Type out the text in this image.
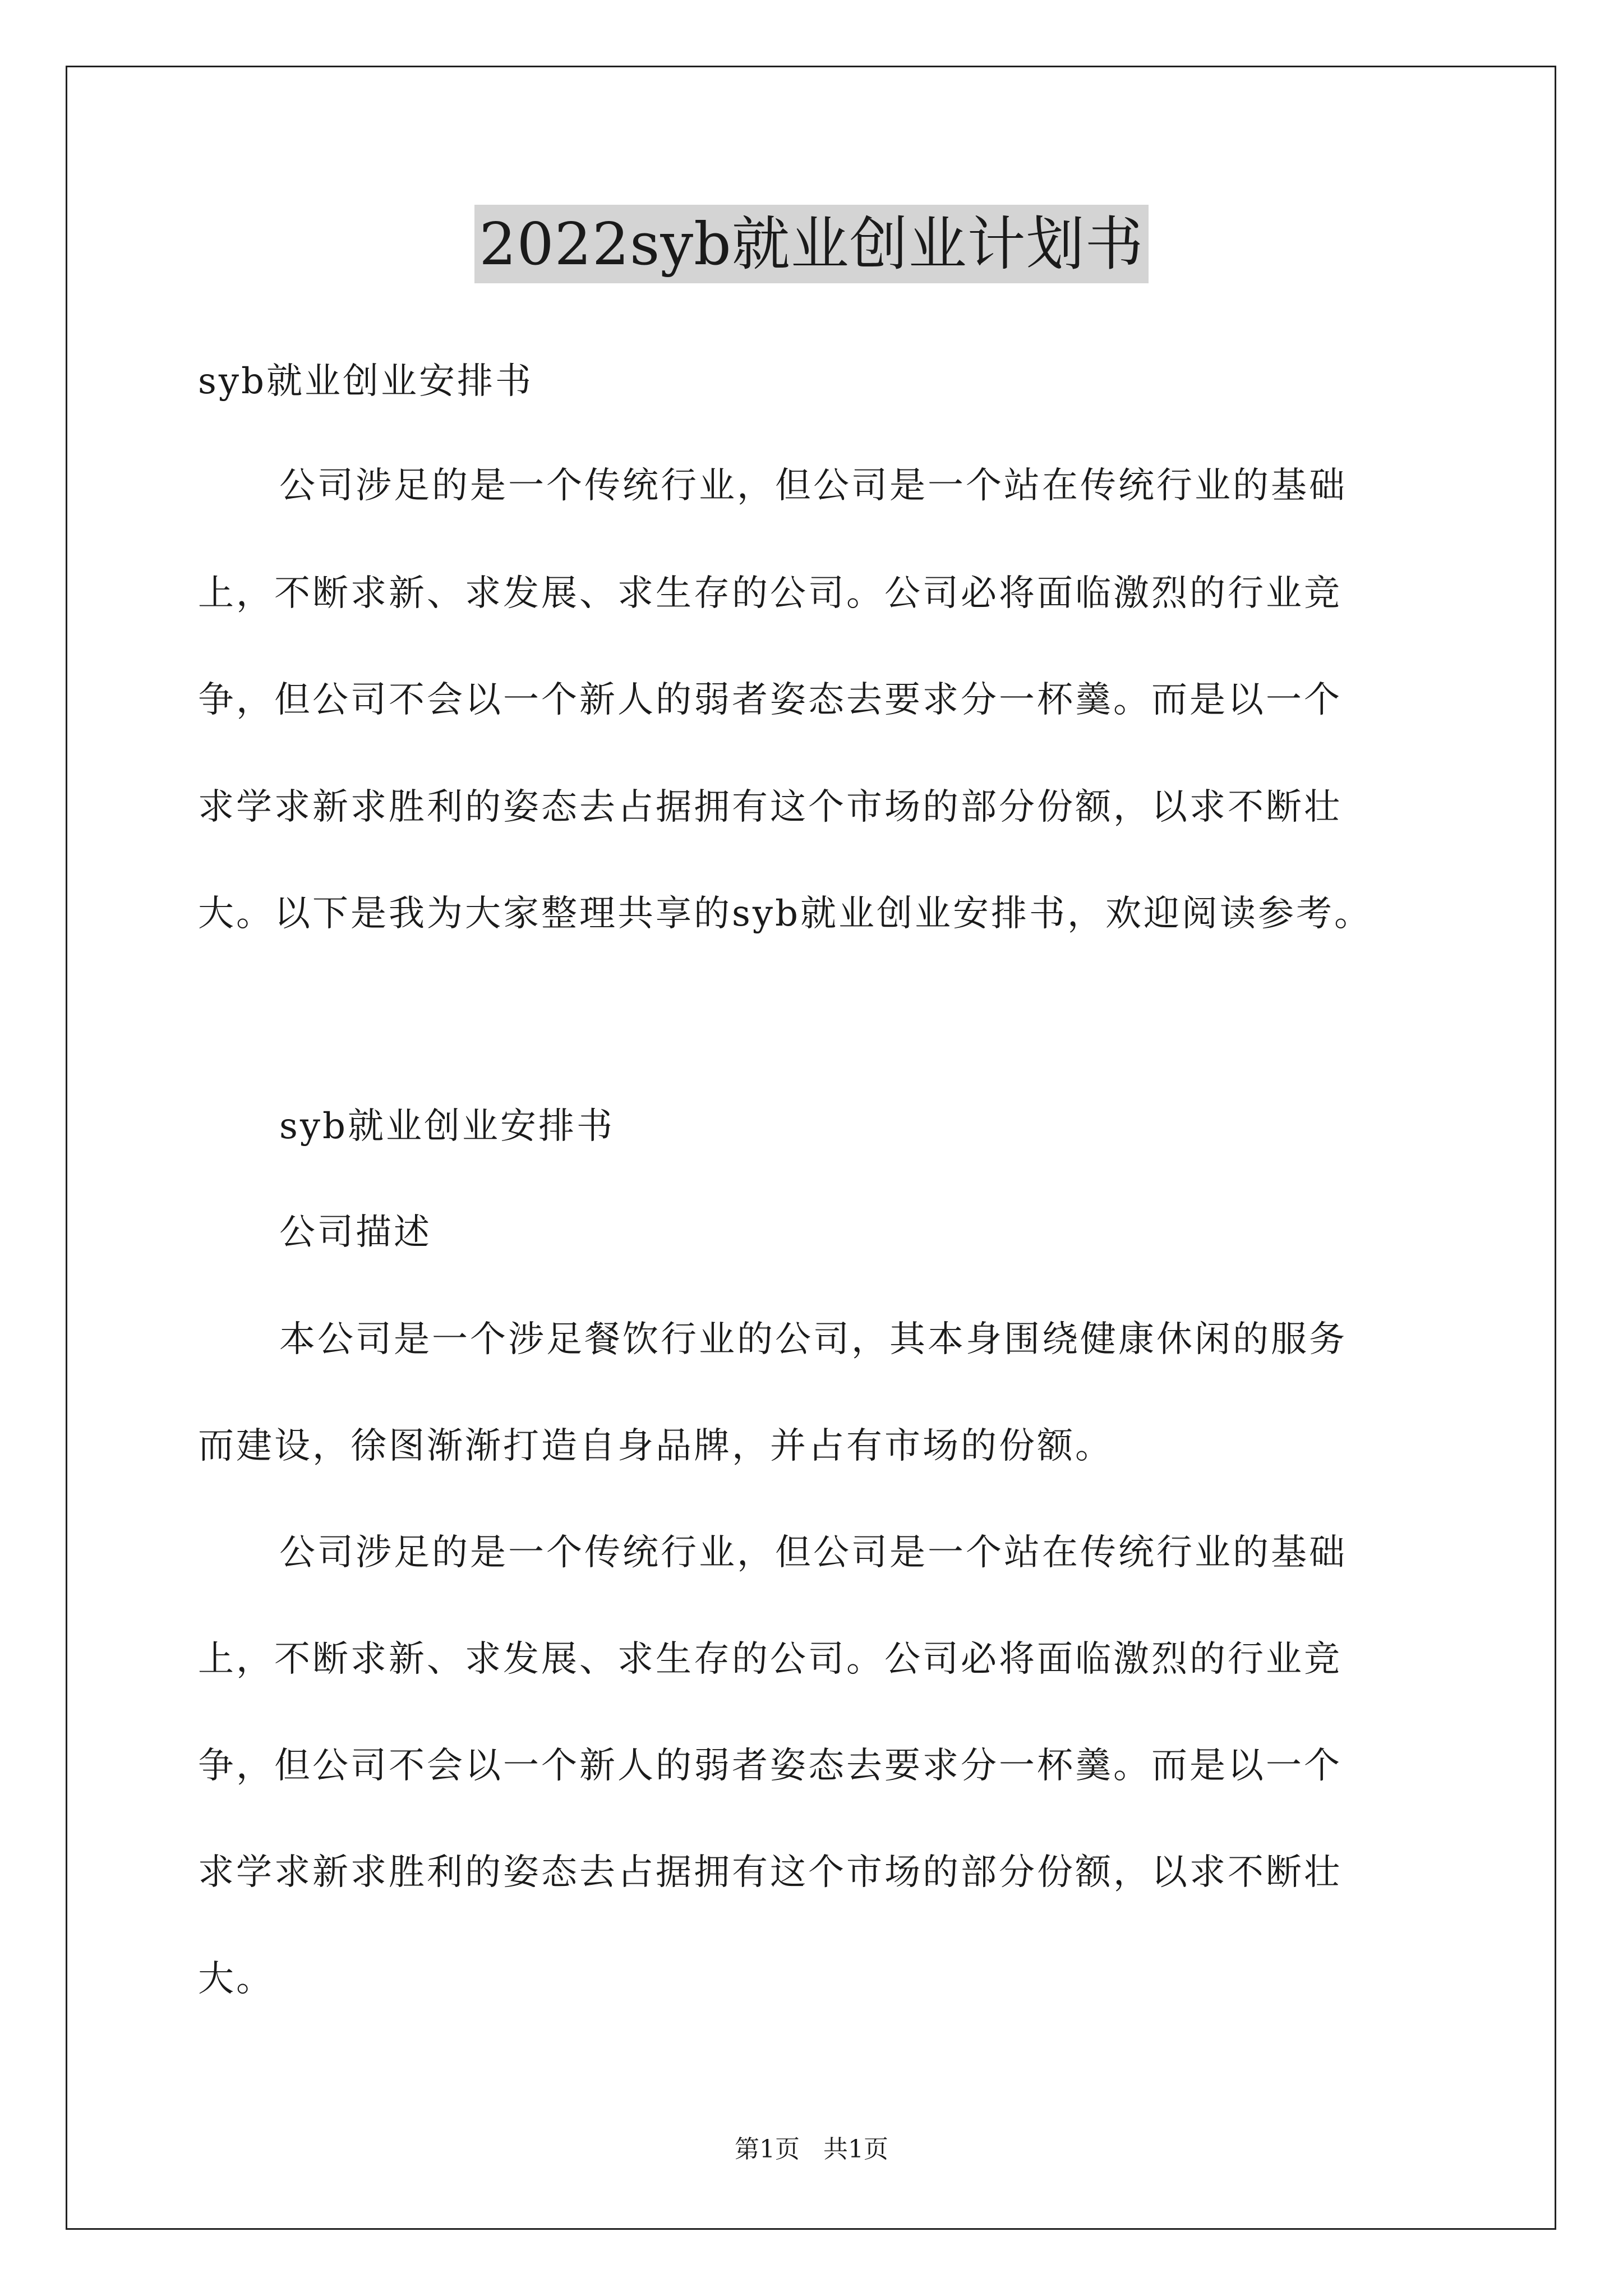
2022syb就业创业计划书
syb就业创业安排书
公司涉足的是一个传统行业，但公司是一个站在传统行业的基础
上，不断求新、求发展、求生存的公司。公司必将面临激烈的行业竞
争，但公司不会以一个新人的弱者姿态去要求分一杯羹。而是以一个
求学求新求胜利的姿态去占据拥有这个市场的部分份额，以求不断壮
大。以下是我为大家整理共享的syb就业创业安排书，欢迎阅读参考。
syb就业创业安排书
公司描述
本公司是一个涉足餐饮行业的公司，其本身围绕健康休闲的服务
而建设，徐图渐渐打造自身品牌，并占有市场的份额。
公司涉足的是一个传统行业，但公司是一个站在传统行业的基础
上，不断求新、求发展、求生存的公司。公司必将面临激烈的行业竞
争，但公司不会以一个新人的弱者姿态去要求分一杯羹。而是以一个
求学求新求胜利的姿态去占据拥有这个市场的部分份额，以求不断壮
大。
第1页 共1页
